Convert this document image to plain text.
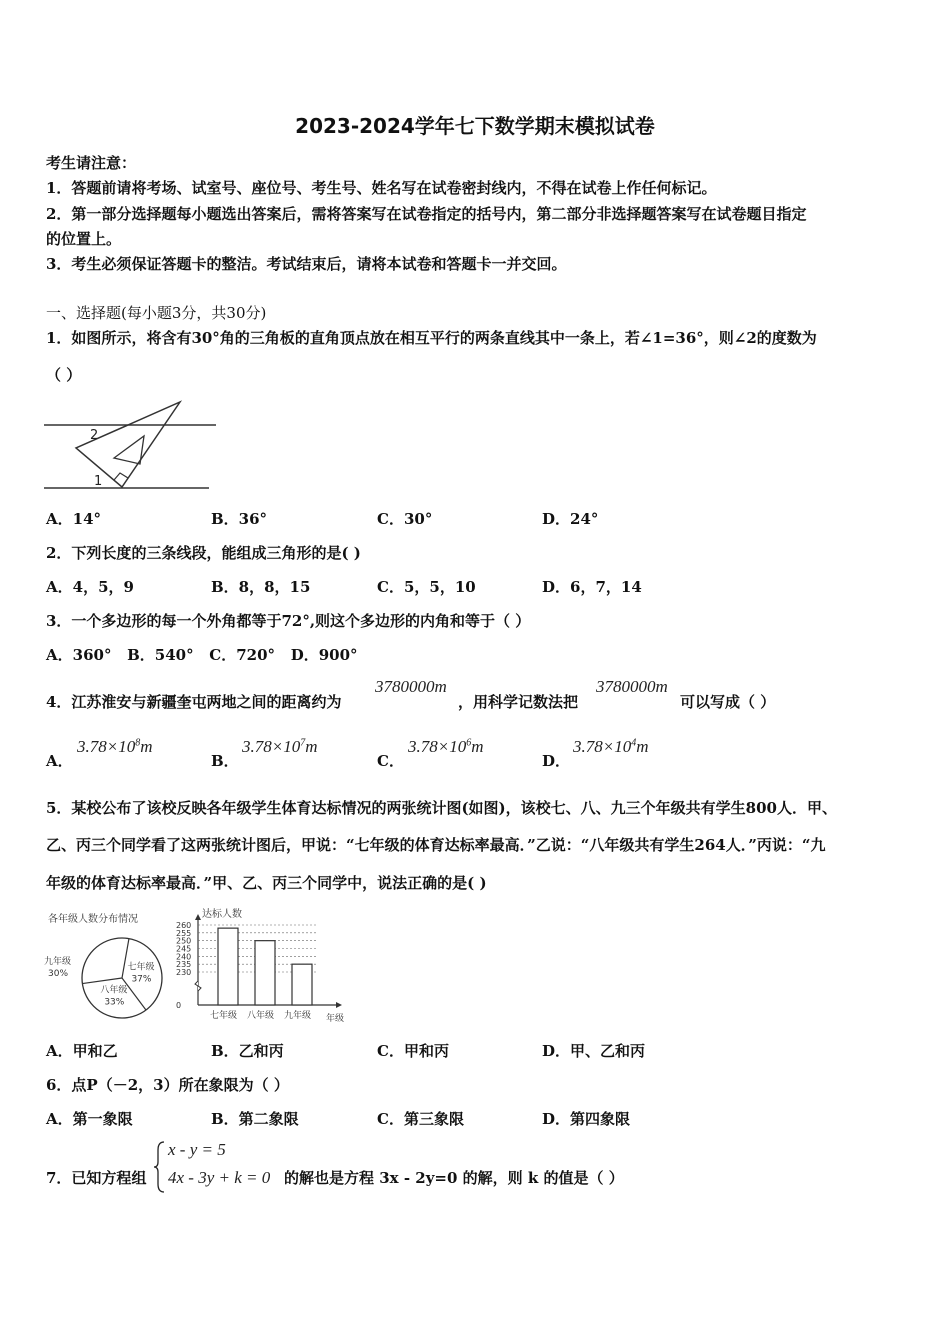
2023-2024学年七下数学期末模拟试卷
考生请注意：
1．答题前请将考场、试室号、座位号、考生号、姓名写在试卷密封线内，不得在试卷上作任何标记。
2．第一部分选择题每小题选出答案后，需将答案写在试卷指定的括号内，第二部分非选择题答案写在试卷题目指定
的位置上。
3．考生必须保证答题卡的整洁。考试结束后，请将本试卷和答题卡一并交回。
一、选择题(每小题3分，共30分)
1．如图所示，将含有30°角的三角板的直角顶点放在相互平行的两条直线其中一条上，若∠1=36°，则∠2的度数为
（ ）
2
1
A．14°	B．36°	C．30°	D．24°
2．下列长度的三条线段，能组成三角形的是( )
A．4，5，9	B．8，8，15	C．5，5，10	D．6，7，14
3．一个多边形的每一个外角都等于72°,则这个多边形的内角和等于（ ）
A．360°   B．540°   C．720°   D．900°
4．江苏淮安与新疆奎屯两地之间的距离约为
3780000m
，用科学记数法把
3780000m
可以写成（ ）
A．
$3.78\times 10^8m$
B．
$3.78\times 10^7m$
C．
$3.78\times 10^6m$
D．
$3.78\times 10^4m$
5．某校公布了该校反映各年级学生体育达标情况的两张统计图(如图)，该校七、八、九三个年级共有学生800人．甲、
乙、丙三个同学看了这两张统计图后，甲说：“七年级的体育达标率最高．”乙说：“八年级共有学生264人．”丙说：“九
年级的体育达标率最高．”甲、乙、丙三个同学中，说法正确的是( )
各年级人数分布情况
七年级
37%
八年级
33%
九年级
30%
达标人数
0
230
235
240
245
250
255
260
七年级 八年级 九年级 年级
A．甲和乙	B．乙和丙	C．甲和丙	D．甲、乙和丙
6．点P（－2，3）所在象限为（ ）
A．第一象限	B．第二象限	C．第三象限	D．第四象限
7．已知方程组
x - y = 5
4x - 3y + k = 0 的解也是方程 3x - 2y=0 的解，则 k 的值是（ ）
